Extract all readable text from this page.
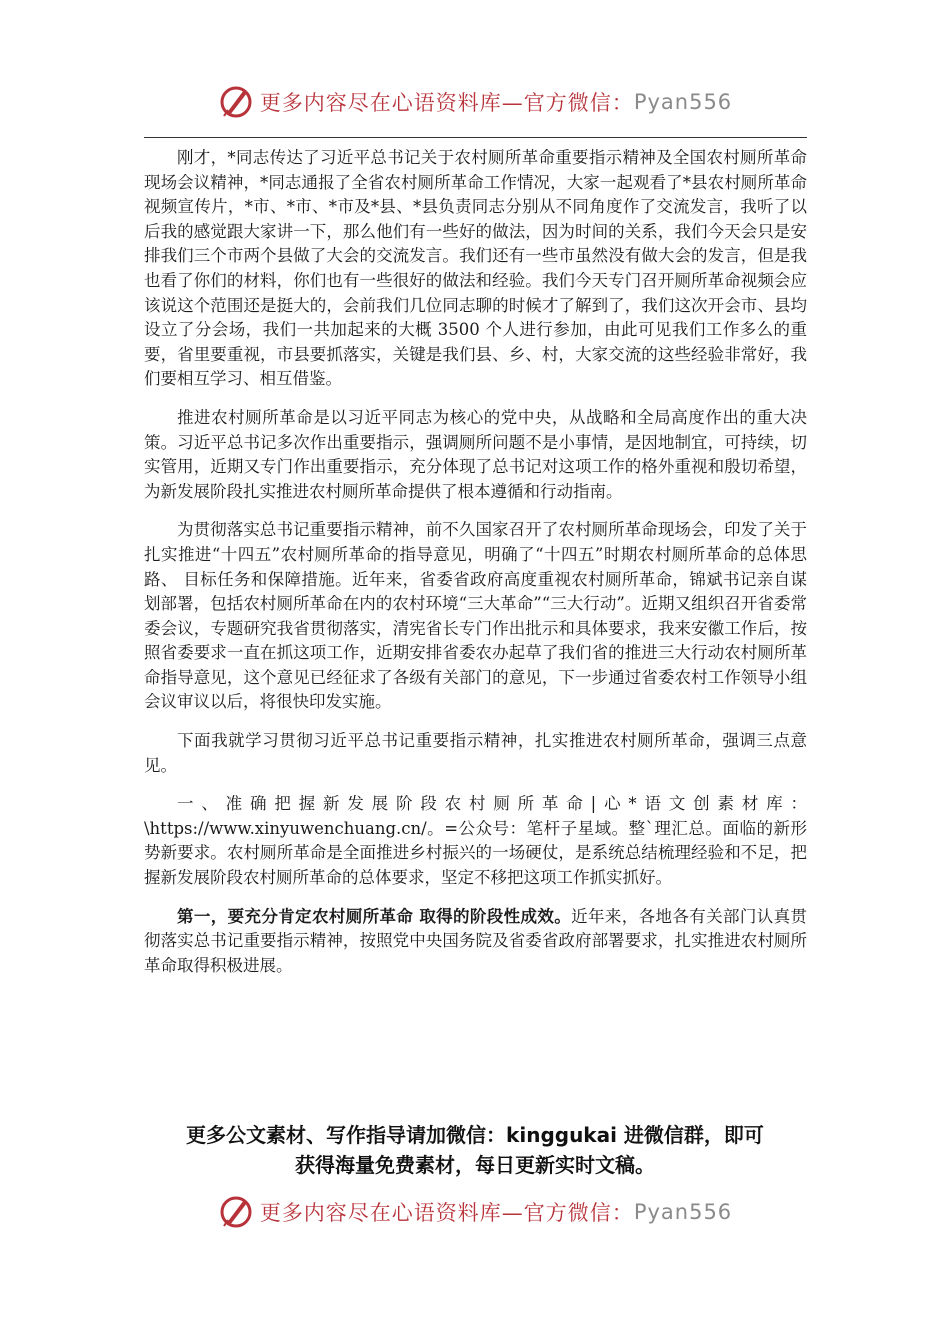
更多内容尽在心语资料库—官方微信： Pyan556

刚才，*同志传达了习近平总书记关于农村厕所革命重要指示精神及全国农村厕所革命现场会议精神，*同志通报了全省农村厕所革命工作情况，大家一起观看了*县农村厕所革命视频宣传片，*市、*市、*市及*县、*县负责同志分别从不同角度作了交流发言，我听了以后我的感觉跟大家讲一下，那么他们有一些好的做法，因为时间的关系，我们今天会只是安排我们三个市两个县做了大会的交流发言。我们还有一些市虽然没有做大会的发言，但是我也看了你们的材料，你们也有一些很好的做法和经验。我们今天专门召开厕所革命视频会应该说这个范围还是挺大的，会前我们几位同志聊的时候才了解到了，我们这次开会市、县均设立了分会场，我们一共加起来的大概 3500 个人进行参加，由此可见我们工作多么的重要，省里要重视，市县要抓落实，关键是我们县、乡、村，大家交流的这些经验非常好，我们要相互学习、相互借鉴。

推进农村厕所革命是以习近平同志为核心的党中央，从战略和全局高度作出的重大决策。习近平总书记多次作出重要指示，强调厕所问题不是小事情，是因地制宜，可持续，切实管用，近期又专门作出重要指示，充分体现了总书记对这项工作的格外重视和殷切希望，为新发展阶段扎实推进农村厕所革命提供了根本遵循和行动指南。

为贯彻落实总书记重要指示精神，前不久国家召开了农村厕所革命现场会，印发了关于扎实推进“十四五”农村厕所革命的指导意见，明确了“十四五”时期农村厕所革命的总体思路、 目标任务和保障措施。近年来，省委省政府高度重视农村厕所革命，锦斌书记亲自谋划部署，包括农村厕所革命在内的农村环境“三大革命”“三大行动”。近期又组织召开省委常委会议，专题研究我省贯彻落实，清宪省长专门作出批示和具体要求，我来安徽工作后，按照省委要求一直在抓这项工作，近期安排省委农办起草了我们省的推进三大行动农村厕所革命指导意见，这个意见已经征求了各级有关部门的意见，下一步通过省委农村工作领导小组会议审议以后，将很快印发实施。

下面我就学习贯彻习近平总书记重要指示精神，扎实推进农村厕所革命，强调三点意见。

一、准确把握新发展阶段农村厕所革命|心*语文创素材库：\https://www.xinyuwenchuang.cn/。=公众号：笔杆子星域。整`理汇总。面临的新形势新要求。农村厕所革命是全面推进乡村振兴的一场硬仗，是系统总结梳理经验和不足，把握新发展阶段农村厕所革命的总体要求，坚定不移把这项工作抓实抓好。

第一，要充分肯定农村厕所革命 取得的阶段性成效。近年来，各地各有关部门认真贯彻落实总书记重要指示精神，按照党中央国务院及省委省政府部署要求，扎实推进农村厕所革命取得积极进展。

更多公文素材、写作指导请加微信：kinggukai 进微信群，即可
获得海量免费素材，每日更新实时文稿。
更多内容尽在心语资料库—官方微信： Pyan556
